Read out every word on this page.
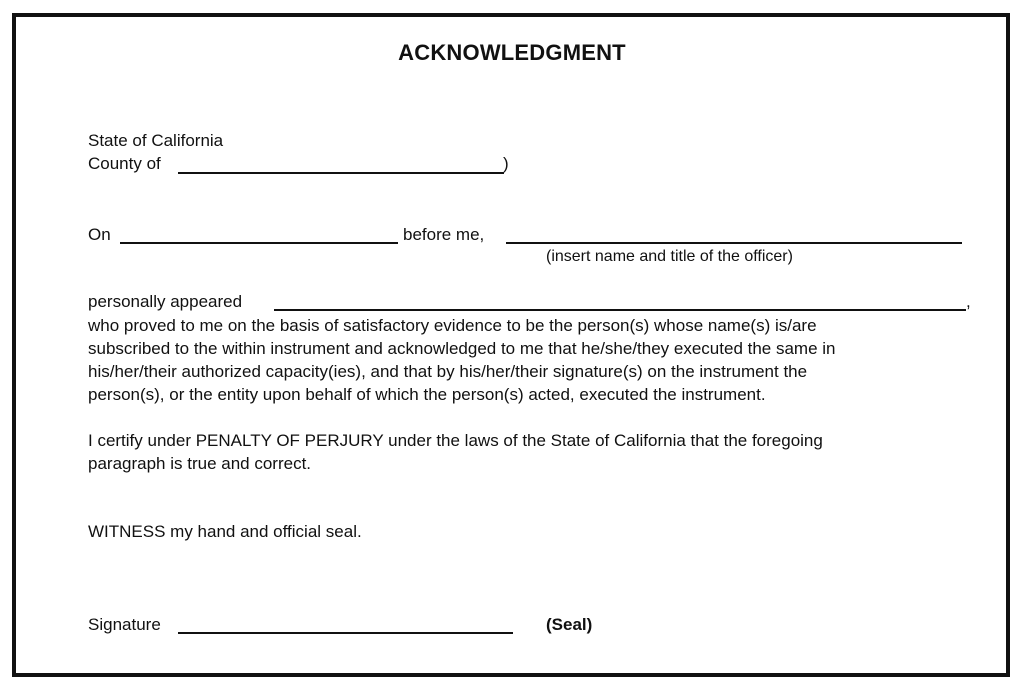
ACKNOWLEDGMENT
State of California
County of	)
On	before me,
(insert name and title of the officer)
personally appeared	,
who proved to me on the basis of satisfactory evidence to be the person(s) whose name(s) is/are
subscribed to the within instrument and acknowledged to me that he/she/they executed the same in
his/her/their authorized capacity(ies), and that by his/her/their signature(s) on the instrument the
person(s), or the entity upon behalf of which the person(s) acted, executed the instrument.
I certify under PENALTY OF PERJURY under the laws of the State of California that the foregoing
paragraph is true and correct.
WITNESS my hand and official seal.
Signature	(Seal)
